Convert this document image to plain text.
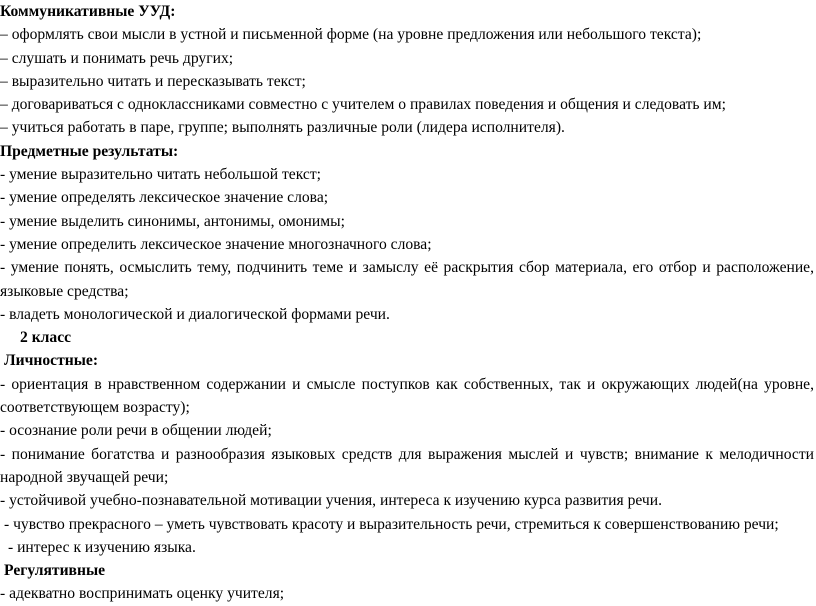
Коммуникативные УУД:

– оформлять свои мысли в устной и письменной форме (на уровне предложения или небольшого текста);

– слушать и понимать речь других;

– выразительно читать и пересказывать текст;

– договариваться с одноклассниками совместно с учителем о правилах поведения и общения и следовать им;

– учиться работать в паре, группе; выполнять различные роли (лидера исполнителя).

Предметные результаты:

- умение выразительно читать небольшой текст;

- умение определять лексическое значение слова;

- умение выделить синонимы, антонимы, омонимы;

- умение определить лексическое значение многозначного слова;

- умение понять, осмыслить тему, подчинить теме и замыслу её раскрытия сбор материала, его отбор и расположение, языковые средства;

- владеть монологической и диалогической формами речи.

2 класс

Личностные:

- ориентация в нравственном содержании и смысле поступков как собственных, так и окружающих людей(на уровне, соответствующем возрасту);

- осознание роли речи в общении людей;

- понимание богатства и разнообразия языковых средств для выражения мыслей и чувств; внимание к мелодичности народной звучащей речи;

- устойчивой учебно-познавательной мотивации учения, интереса к изучению курса развития речи.

- чувство прекрасного – уметь чувствовать красоту и выразительность речи, стремиться к совершенствованию речи;

- интерес к изучению языка.

Регулятивные

- адекватно воспринимать оценку учителя;
